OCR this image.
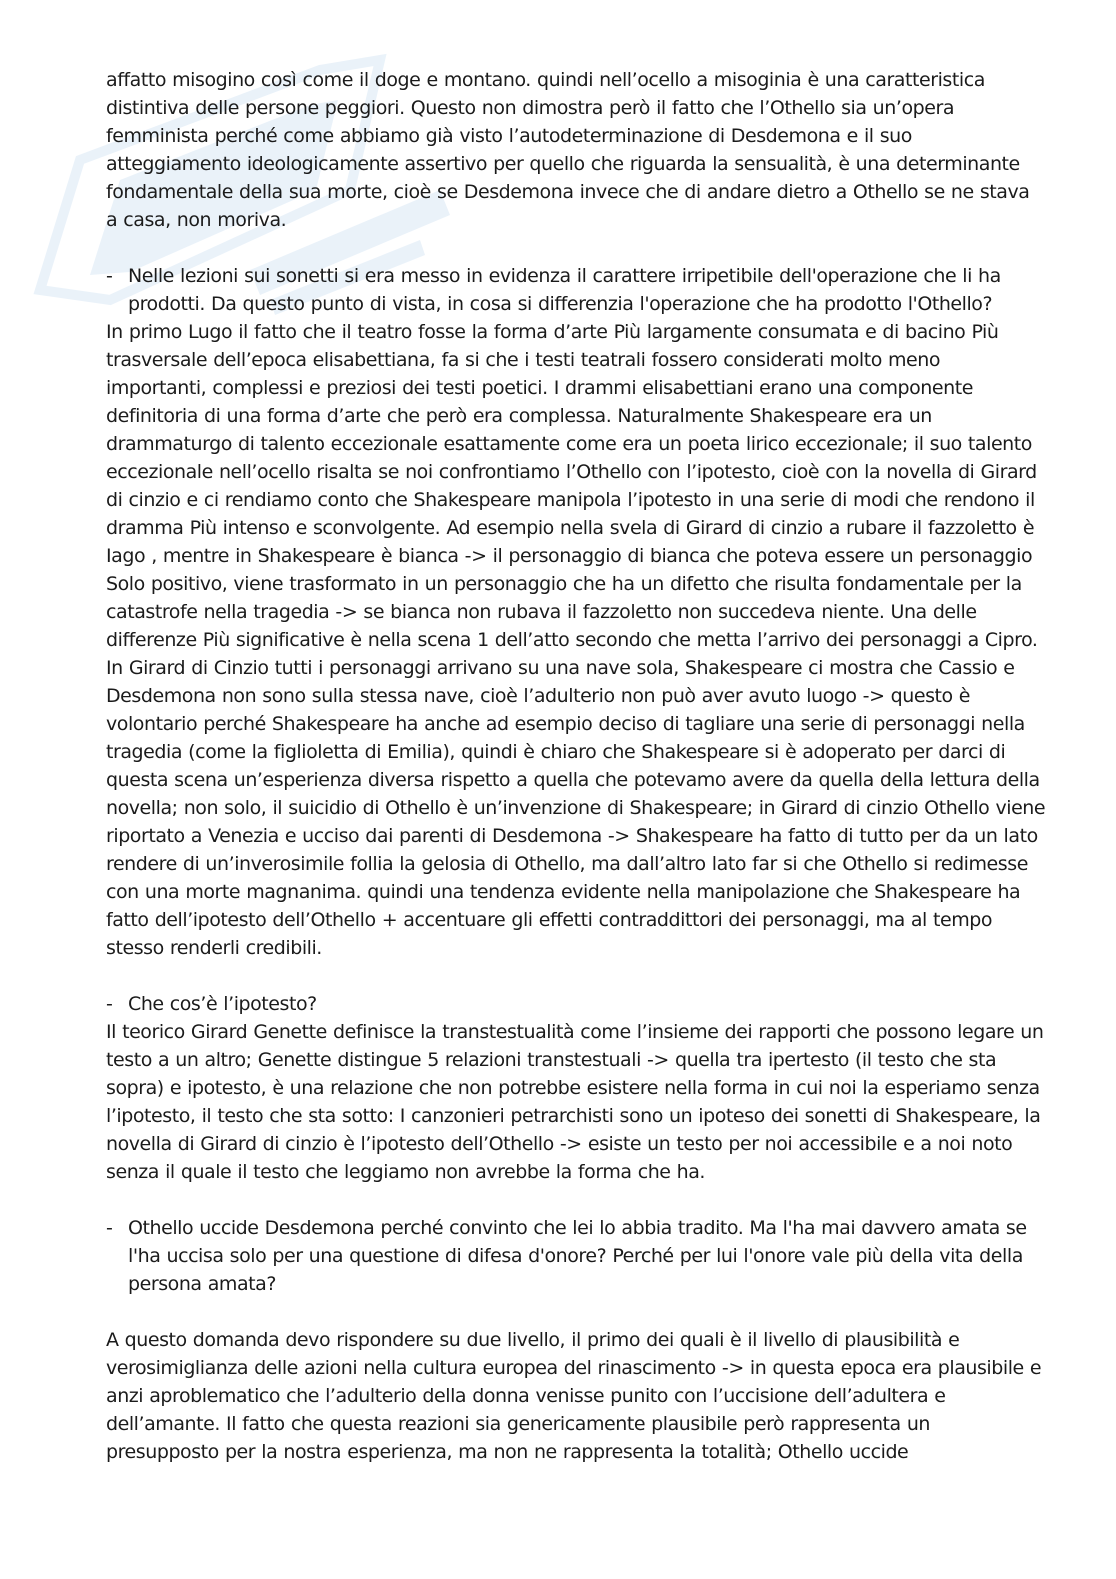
affatto misogino così come il doge e montano. quindi nell’ocello a misoginia è una caratteristica distintiva delle persone peggiori. Questo non dimostra però il fatto che l’Othello sia un’opera femminista perché come abbiamo già visto l’autodeterminazione di Desdemona e il suo atteggiamento ideologicamente assertivo per quello che riguarda la sensualità, è una determinante fondamentale della sua morte, cioè se Desdemona invece che di andare dietro a Othello se ne stava a casa, non moriva.

- Nelle lezioni sui sonetti si era messo in evidenza il carattere irripetibile dell'operazione che li ha prodotti. Da questo punto di vista, in cosa si differenzia l'operazione che ha prodotto l'Othello?

In primo Lugo il fatto che il teatro fosse la forma d’arte Più largamente consumata e di bacino Più trasversale dell’epoca elisabettiana, fa si che i testi teatrali fossero considerati molto meno importanti, complessi e preziosi dei testi poetici. I drammi elisabettiani erano una componente definitoria di una forma d’arte che però era complessa. Naturalmente Shakespeare era un drammaturgo di talento eccezionale esattamente come era un poeta lirico eccezionale; il suo talento eccezionale nell’ocello risalta se noi confrontiamo l’Othello con l’ipotesto, cioè con la novella di Girard di cinzio e ci rendiamo conto che Shakespeare manipola l’ipotesto in una serie di modi che rendono il dramma Più intenso e sconvolgente. Ad esempio nella svela di Girard di cinzio a rubare il fazzoletto è Iago , mentre in Shakespeare è bianca -> il personaggio di bianca che poteva essere un personaggio Solo positivo, viene trasformato in un personaggio che ha un difetto che risulta fondamentale per la catastrofe nella tragedia -> se bianca non rubava il fazzoletto non succedeva niente. Una delle differenze Più significative è nella scena 1 dell’atto secondo che metta l’arrivo dei personaggi a Cipro. In Girard di Cinzio tutti i personaggi arrivano su una nave sola, Shakespeare ci mostra che Cassio e Desdemona non sono sulla stessa nave, cioè l’adulterio non può aver avuto luogo -> questo è volontario perché Shakespeare ha anche ad esempio deciso di tagliare una serie di personaggi nella tragedia (come la figlioletta di Emilia), quindi è chiaro che Shakespeare si è adoperato per darci di questa scena un’esperienza diversa rispetto a quella che potevamo avere da quella della lettura della novella; non solo, il suicidio di Othello è un’invenzione di Shakespeare; in Girard di cinzio Othello viene riportato a Venezia e ucciso dai parenti di Desdemona -> Shakespeare ha fatto di tutto per da un lato rendere di un’inverosimile follia la gelosia di Othello, ma dall’altro lato far si che Othello si redimesse con una morte magnanima. quindi una tendenza evidente nella manipolazione che Shakespeare ha fatto dell’ipotesto dell’Othello + accentuare gli effetti contraddittori dei personaggi, ma al tempo stesso renderli credibili.

- Che cos’è l’ipotesto?

Il teorico Girard Genette definisce la transtestualità come l’insieme dei rapporti che possono legare un testo a un altro; Genette distingue 5 relazioni transtestuali -> quella tra ipertesto (il testo che sta sopra) e ipotesto, è una relazione che non potrebbe esistere nella forma in cui noi la esperiamo senza l’ipotesto, il testo che sta sotto: I canzonieri petrarchisti sono un ipoteso dei sonetti di Shakespeare, la novella di Girard di cinzio è l’ipotesto dell’Othello -> esiste un testo per noi accessibile e a noi noto senza il quale il testo che leggiamo non avrebbe la forma che ha.

- Othello uccide Desdemona perché convinto che lei lo abbia tradito. Ma l'ha mai davvero amata se l'ha uccisa solo per una questione di difesa d'onore? Perché per lui l'onore vale più della vita della persona amata?

A questo domanda devo rispondere su due livello, il primo dei quali è il livello di plausibilità e verosimiglianza delle azioni nella cultura europea del rinascimento -> in questa epoca era plausibile e anzi aproblematico che l’adulterio della donna venisse punito con l’uccisione dell’adultera e dell’amante. Il fatto che questa reazioni sia genericamente plausibile però rappresenta un presupposto per la nostra esperienza, ma non ne rappresenta la totalità; Othello uccide
